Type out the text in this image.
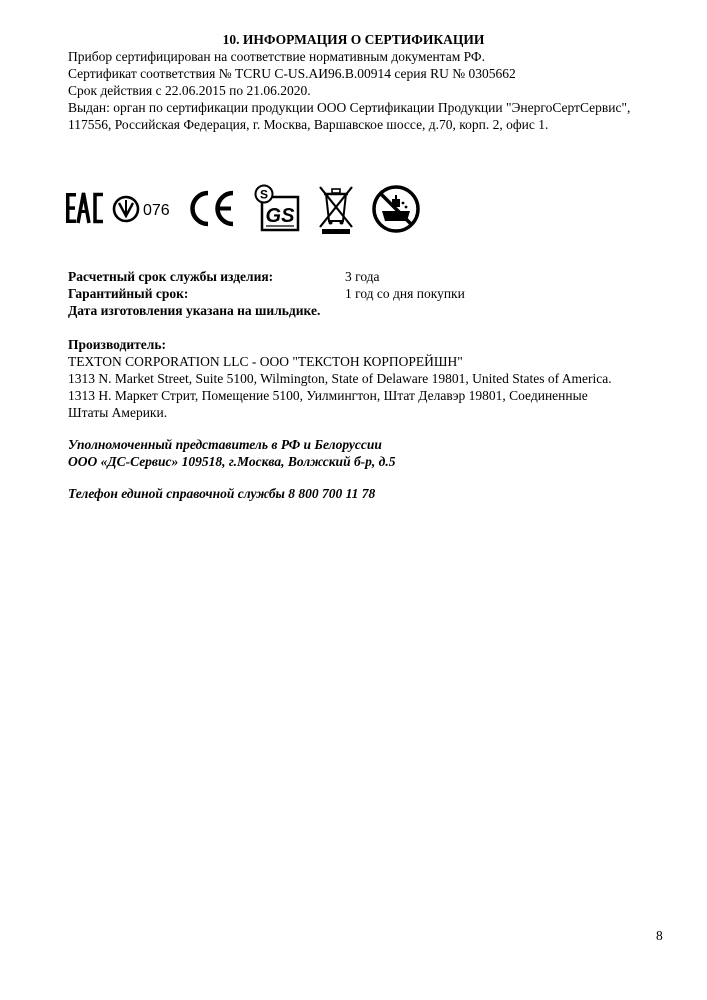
10. ИНФОРМАЦИЯ О СЕРТИФИКАЦИИ
Прибор сертифицирован на соответствие нормативным документам РФ.
Сертификат соответствия № TCRU C-US.АИ96.В.00914 серия RU № 0305662
Срок действия с 22.06.2015 по 21.06.2020.
Выдан: орган по сертификации продукции ООО Сертификации Продукции "ЭнергоСертСервис",
117556, Российская Федерация, г. Москва, Варшавское шоссе, д.70, корп. 2, офис 1.
076
S
GS
Расчетный срок службы изделия:	3 года
Гарантийный срок:	1 год со дня покупки
Дата изготовления указана на шильдике.
Производитель:
TEXTON CORPORATION LLC - ООО "ТЕКСТОН КОРПОРЕЙШН"
1313 N. Market Street, Suite 5100, Wilmington, State of Delaware 19801, United States of America.
1313 Н. Маркет Стрит, Помещение 5100, Уилмингтон, Штат Делавэр 19801, Соединенные
Штаты Америки.
Уполномоченный представитель в РФ и Белоруссии
ООО «ДС-Сервис» 109518, г.Москва, Волжский б-р, д.5
Телефон единой справочной службы 8 800 700 11 78
8
